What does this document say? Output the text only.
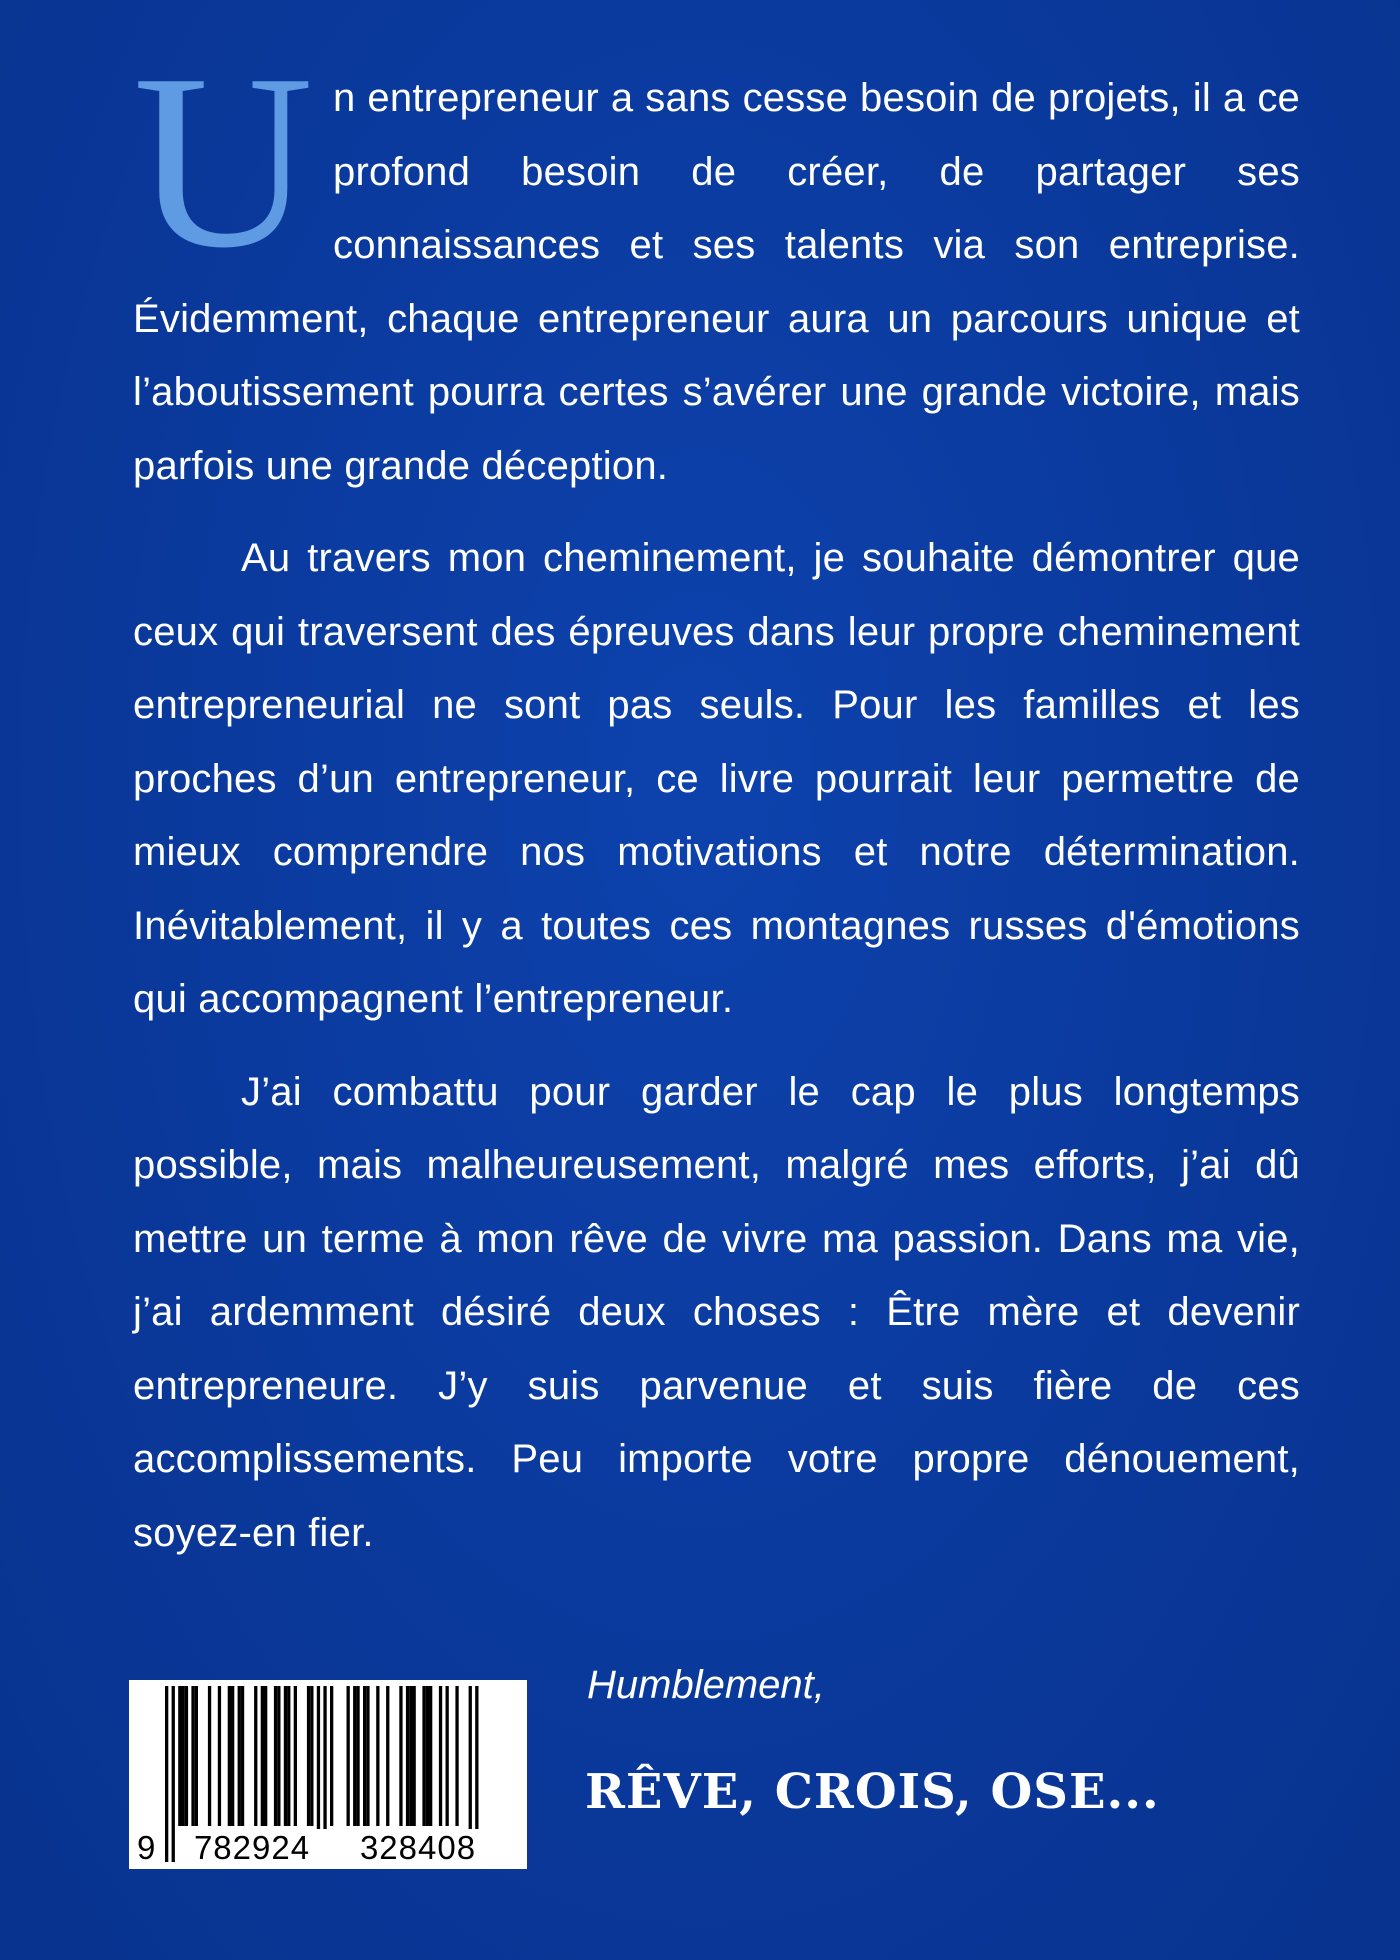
Un entrepreneur a sans cesse besoin de projets, il a ce profond besoin de créer, de partager ses connaissances et ses talents via son entreprise. Évidemment, chaque entrepreneur aura un parcours unique et l’aboutissement pourra certes s’avérer une grande victoire, mais parfois une grande déception.

Au travers mon cheminement, je souhaite démontrer que ceux qui traversent des épreuves dans leur propre cheminement entrepreneurial ne sont pas seuls. Pour les familles et les proches d’un entrepreneur, ce livre pourrait leur permettre de mieux comprendre nos motivations et notre détermination. Inévitablement, il y a toutes ces montagnes russes d'émotions qui accompagnent l’entrepreneur.

J’ai combattu pour garder le cap le plus longtemps possible, mais malheureusement, malgré mes efforts, j’ai dû mettre un terme à mon rêve de vivre ma passion. Dans ma vie, j’ai ardemment désiré deux choses : Être mère et devenir entrepreneure. J’y suis parvenue et suis fière de ces accomplissements. Peu importe votre propre dénouement, soyez-en fier.

9	782924	328408
Humblement,
RÊVE, CROIS, OSE...
